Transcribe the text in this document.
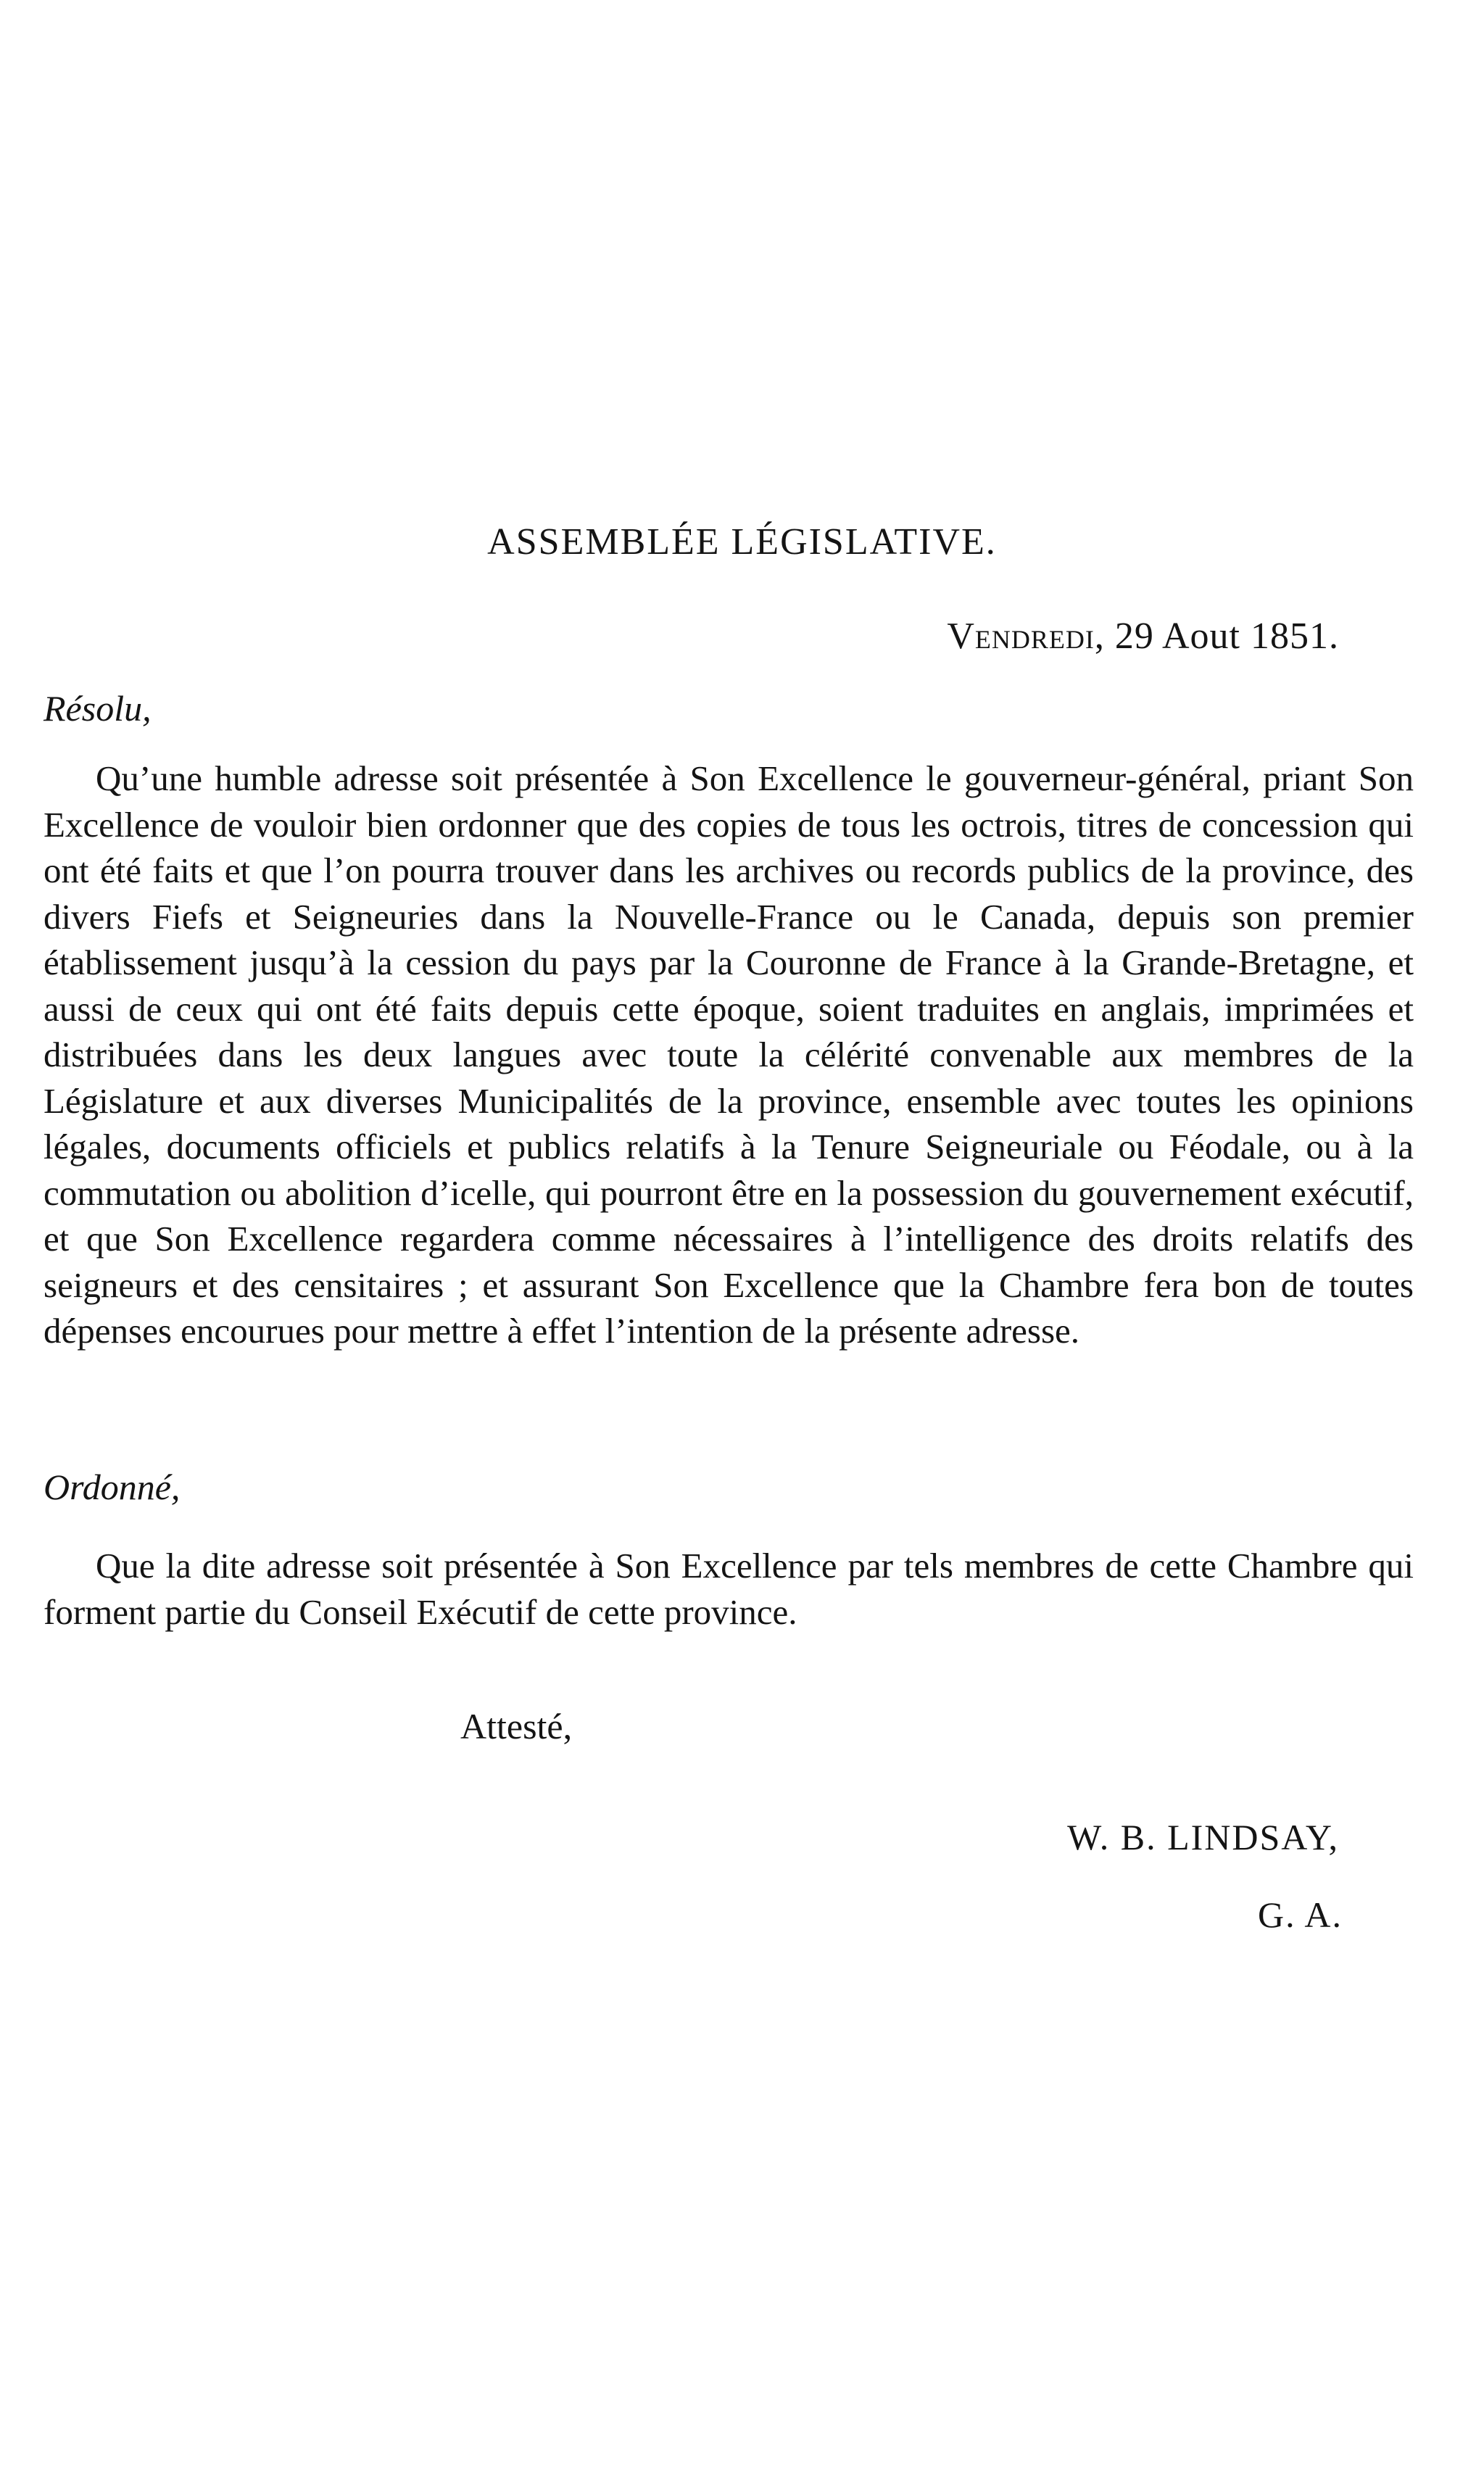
ASSEMBLÉE LÉGISLATIVE.

Vendredi, 29 Aout 1851.

Résolu,

Qu’une humble adresse soit présentée à Son Excellence le gouverneur-général, priant Son Excellence de vouloir bien ordonner que des copies de tous les octrois, titres de concession qui ont été faits et que l’on pourra trouver dans les archives ou records publics de la province, des divers Fiefs et Seigneuries dans la Nouvelle-France ou le Canada, depuis son premier établissement jusqu’à la cession du pays par la Couronne de France à la Grande-Bretagne, et aussi de ceux qui ont été faits depuis cette époque, soient traduites en anglais, imprimées et distribuées dans les deux langues avec toute la célérité convenable aux membres de la Législature et aux diverses Municipalités de la province, ensemble avec toutes les opinions légales, documents officiels et publics relatifs à la Tenure Seigneuriale ou Féodale, ou à la commutation ou abolition d’icelle, qui pourront être en la possession du gouvernement exécutif, et que Son Excellence regardera comme nécessaires à l’intelligence des droits relatifs des seigneurs et des censitaires ; et assurant Son Excellence que la Chambre fera bon de toutes dépenses encourues pour mettre à effet l’intention de la présente adresse.

Ordonné,

Que la dite adresse soit présentée à Son Excellence par tels membres de cette Chambre qui forment partie du Conseil Exécutif de cette province.

Attesté,

W. B. LINDSAY,

G. A.
